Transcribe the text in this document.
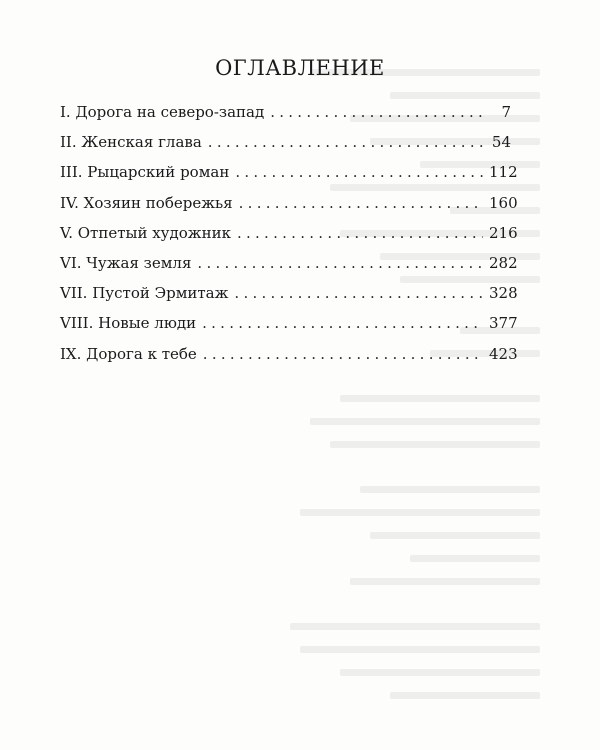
ОГЛАВЛЕНИЕ
I. Дорога на северо-запад . . .	7
II. Женская глава . . .	54
III. Рыцарский роман . . .	112
IV. Хозяин побережья . . .	160
V. Отпетый художник . . .	216
VI. Чужая земля . . .	282
VII. Пустой Эрмитаж . . .	328
VIII. Новые люди . . .	377
IX. Дорога к тебе . . .	423
